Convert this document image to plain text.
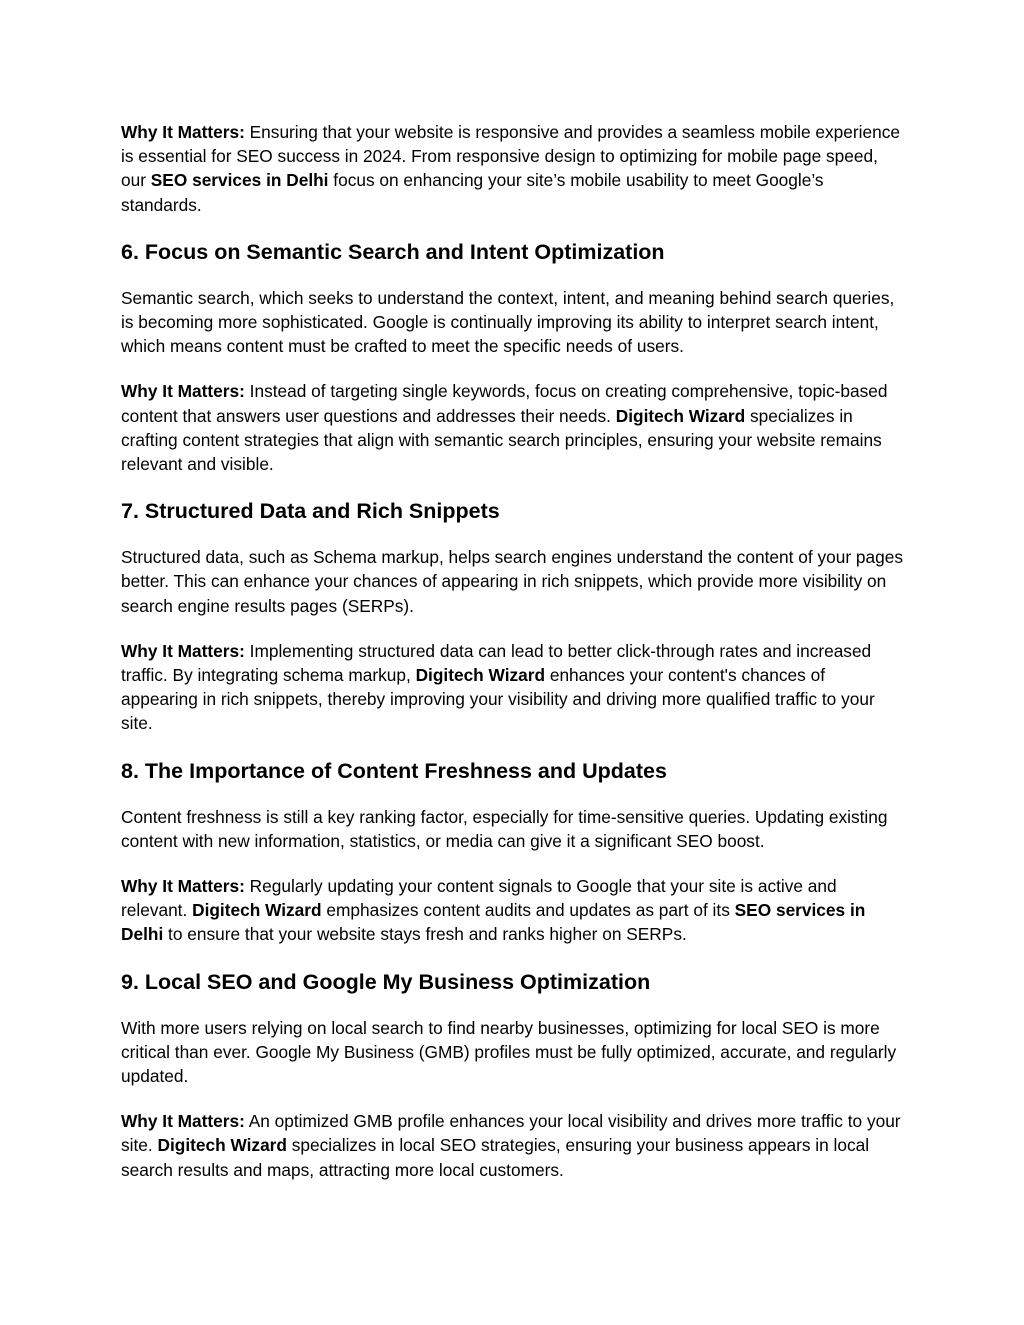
Why It Matters: Ensuring that your website is responsive and provides a seamless mobile experience is essential for SEO success in 2024. From responsive design to optimizing for mobile page speed, our SEO services in Delhi focus on enhancing your site’s mobile usability to meet Google’s standards.

6. Focus on Semantic Search and Intent Optimization

Semantic search, which seeks to understand the context, intent, and meaning behind search queries, is becoming more sophisticated. Google is continually improving its ability to interpret search intent, which means content must be crafted to meet the specific needs of users.

Why It Matters: Instead of targeting single keywords, focus on creating comprehensive, topic-based content that answers user questions and addresses their needs. Digitech Wizard specializes in crafting content strategies that align with semantic search principles, ensuring your website remains relevant and visible.

7. Structured Data and Rich Snippets

Structured data, such as Schema markup, helps search engines understand the content of your pages better. This can enhance your chances of appearing in rich snippets, which provide more visibility on search engine results pages (SERPs).

Why It Matters: Implementing structured data can lead to better click-through rates and increased traffic. By integrating schema markup, Digitech Wizard enhances your content's chances of appearing in rich snippets, thereby improving your visibility and driving more qualified traffic to your site.

8. The Importance of Content Freshness and Updates

Content freshness is still a key ranking factor, especially for time-sensitive queries. Updating existing content with new information, statistics, or media can give it a significant SEO boost.

Why It Matters: Regularly updating your content signals to Google that your site is active and relevant. Digitech Wizard emphasizes content audits and updates as part of its SEO services in Delhi to ensure that your website stays fresh and ranks higher on SERPs.

9. Local SEO and Google My Business Optimization

With more users relying on local search to find nearby businesses, optimizing for local SEO is more critical than ever. Google My Business (GMB) profiles must be fully optimized, accurate, and regularly updated.

Why It Matters: An optimized GMB profile enhances your local visibility and drives more traffic to your site. Digitech Wizard specializes in local SEO strategies, ensuring your business appears in local search results and maps, attracting more local customers.
